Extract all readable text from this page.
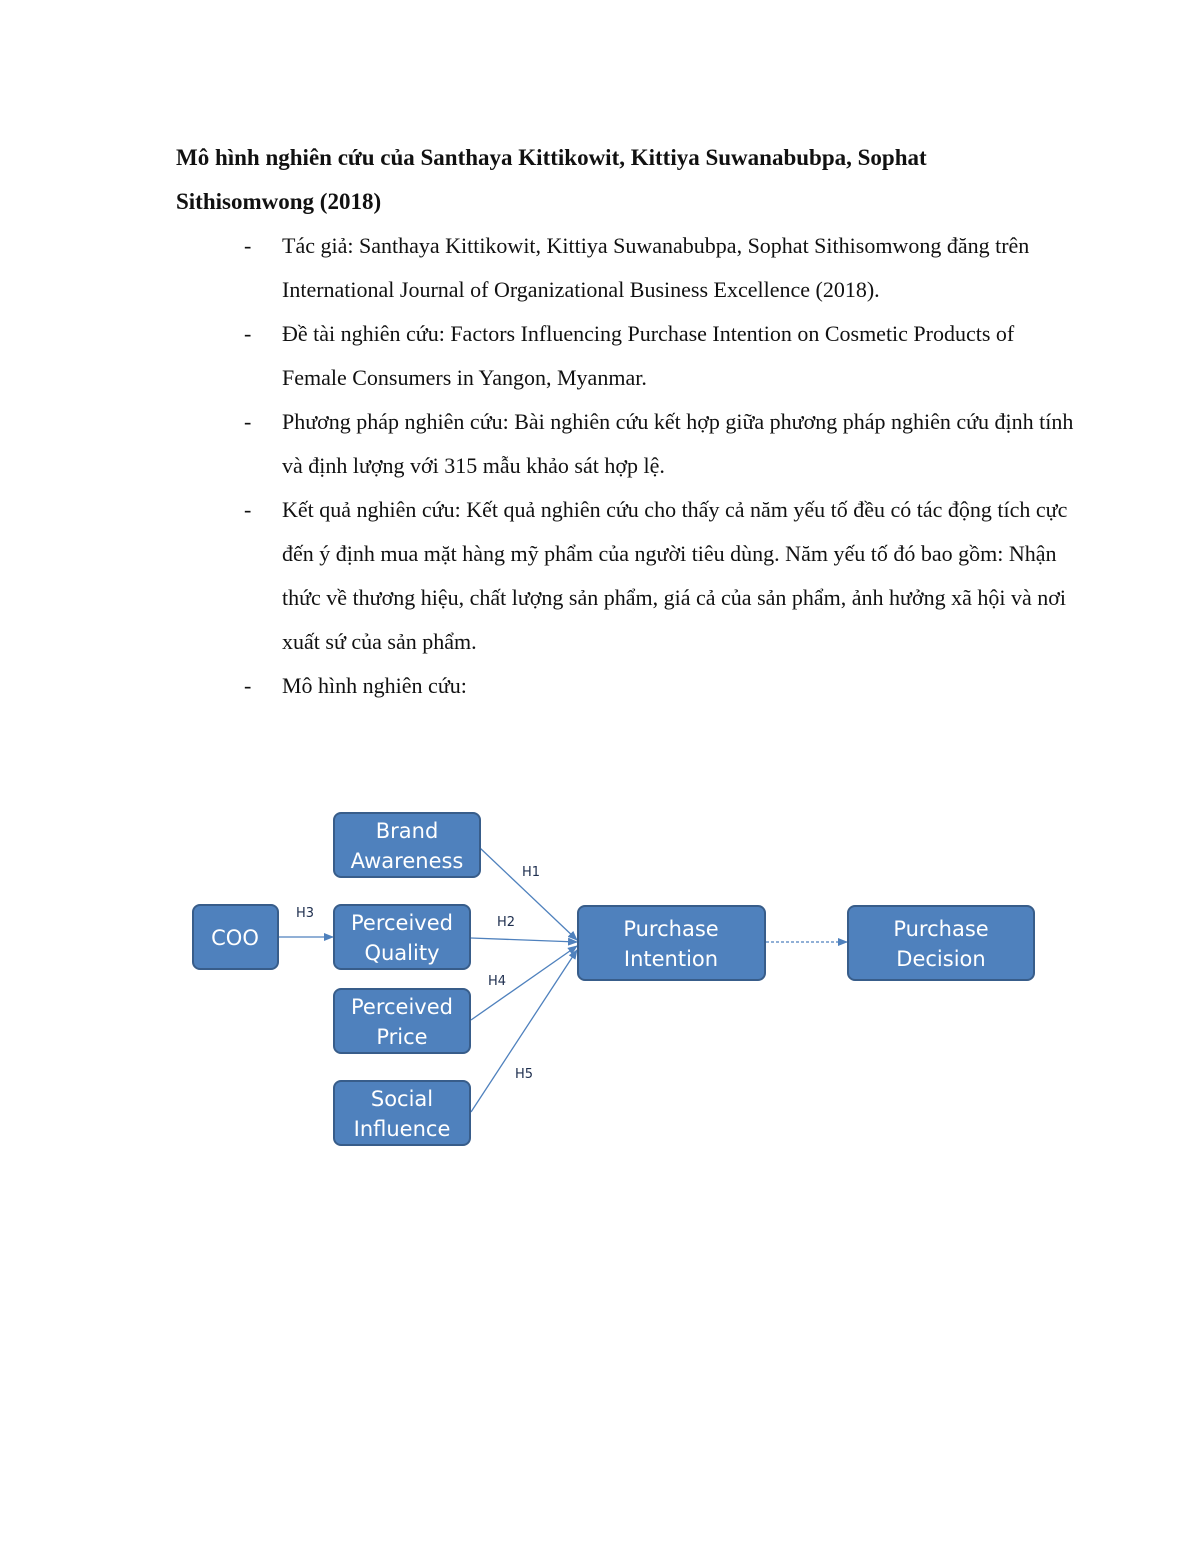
Mô hình nghiên cứu của Santhaya Kittikowit, Kittiya Suwanabubpa, Sophat Sithisomwong (2018)
- Tác giả: Santhaya Kittikowit, Kittiya Suwanabubpa, Sophat Sithisomwong đăng trên International Journal of Organizational Business Excellence (2018).
- Đề tài nghiên cứu: Factors Influencing Purchase Intention on Cosmetic Products of Female Consumers in Yangon, Myanmar.
- Phương pháp nghiên cứu: Bài nghiên cứu kết hợp giữa phương pháp nghiên cứu định tính và định lượng với 315 mẫu khảo sát hợp lệ.
- Kết quả nghiên cứu: Kết quả nghiên cứu cho thấy cả năm yếu tố đều có tác động tích cực đến ý định mua mặt hàng mỹ phẩm của người tiêu dùng. Năm yếu tố đó bao gồm: Nhận thức về thương hiệu, chất lượng sản phẩm, giá cả của sản phẩm, ảnh hưởng xã hội và nơi xuất sứ của sản phẩm.
- Mô hình nghiên cứu:
H1
H2
H3
H4
H5
Brand
Awareness
COO
Perceived
Quality
Perceived
Price
Social
Influence
Purchase
Intention
Purchase
Decision
